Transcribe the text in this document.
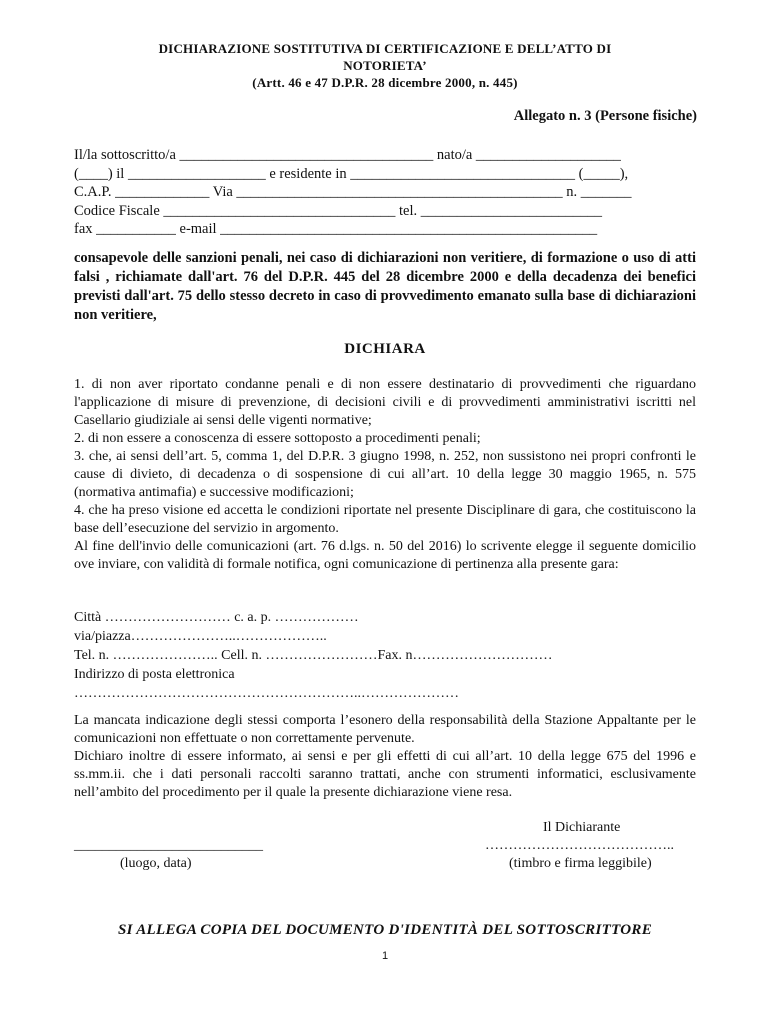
DICHIARAZIONE SOSTITUTIVA DI CERTIFICAZIONE E DELL’ATTO DI
NOTORIETA’
(Artt. 46 e 47 D.P.R. 28 dicembre 2000, n. 445)
Allegato n. 3 (Persone fisiche)
Il/la sottoscritto/a ___________________________________ nato/a ____________________
(____) il ___________________ e residente in _______________________________ (_____),
C.A.P. _____________ Via _____________________________________________ n. _______
Codice Fiscale ________________________________ tel. _________________________
fax ___________ e-mail ____________________________________________________
consapevole delle sanzioni penali, nei caso di dichiarazioni non veritiere, di formazione o uso di atti falsi , richiamate dall'art. 76 del D.P.R. 445 del 28 dicembre 2000 e della decadenza dei benefici previsti dall'art. 75 dello stesso decreto in caso di provvedimento emanato sulla base di dichiarazioni non veritiere,
DICHIARA

1. di non aver riportato condanne penali e di non essere destinatario di provvedimenti che riguardano l'applicazione di misure di prevenzione, di decisioni civili e di provvedimenti amministrativi iscritti nel Casellario giudiziale ai sensi delle vigenti normative;

2. di non essere a conoscenza di essere sottoposto a procedimenti penali;

3. che, ai sensi dell’art. 5, comma 1, del D.P.R. 3 giugno 1998, n. 252, non sussistono nei propri confronti le cause di divieto, di decadenza o di sospensione di cui all’art. 10 della legge 30 maggio 1965, n. 575 (normativa antimafia) e successive modificazioni;

4. che ha preso visione ed accetta le condizioni riportate nel presente Disciplinare di gara, che costituiscono la base dell’esecuzione del servizio in argomento.

Al fine dell'invio delle comunicazioni (art. 76 d.lgs. n. 50 del 2016) lo scrivente elegge il seguente domicilio ove inviare, con validità di formale notifica, ogni comunicazione di pertinenza alla presente gara:

Città ……………………… c. a. p. ………………
via/piazza…………………..………………..
Tel. n. ………………….. Cell. n. ……………………Fax. n…………………………
Indirizzo di posta elettronica
……………………………………………………..…………………

La mancata indicazione degli stessi comporta l’esonero della responsabilità della Stazione Appaltante per le comunicazioni non effettuate o non correttamente pervenute.

Dichiaro inoltre di essere informato, ai sensi e per gli effetti di cui all’art. 10 della legge 675 del 1996 e ss.mm.ii. che i dati personali raccolti saranno trattati, anche con strumenti informatici, esclusivamente nell’ambito del procedimento per il quale la presente dichiarazione viene resa.

Il Dichiarante
___________________________	…………………………………..
(luogo, data)	(timbro e firma leggibile)
SI ALLEGA COPIA DEL DOCUMENTO D'IDENTITÀ DEL SOTTOSCRITTORE
1
